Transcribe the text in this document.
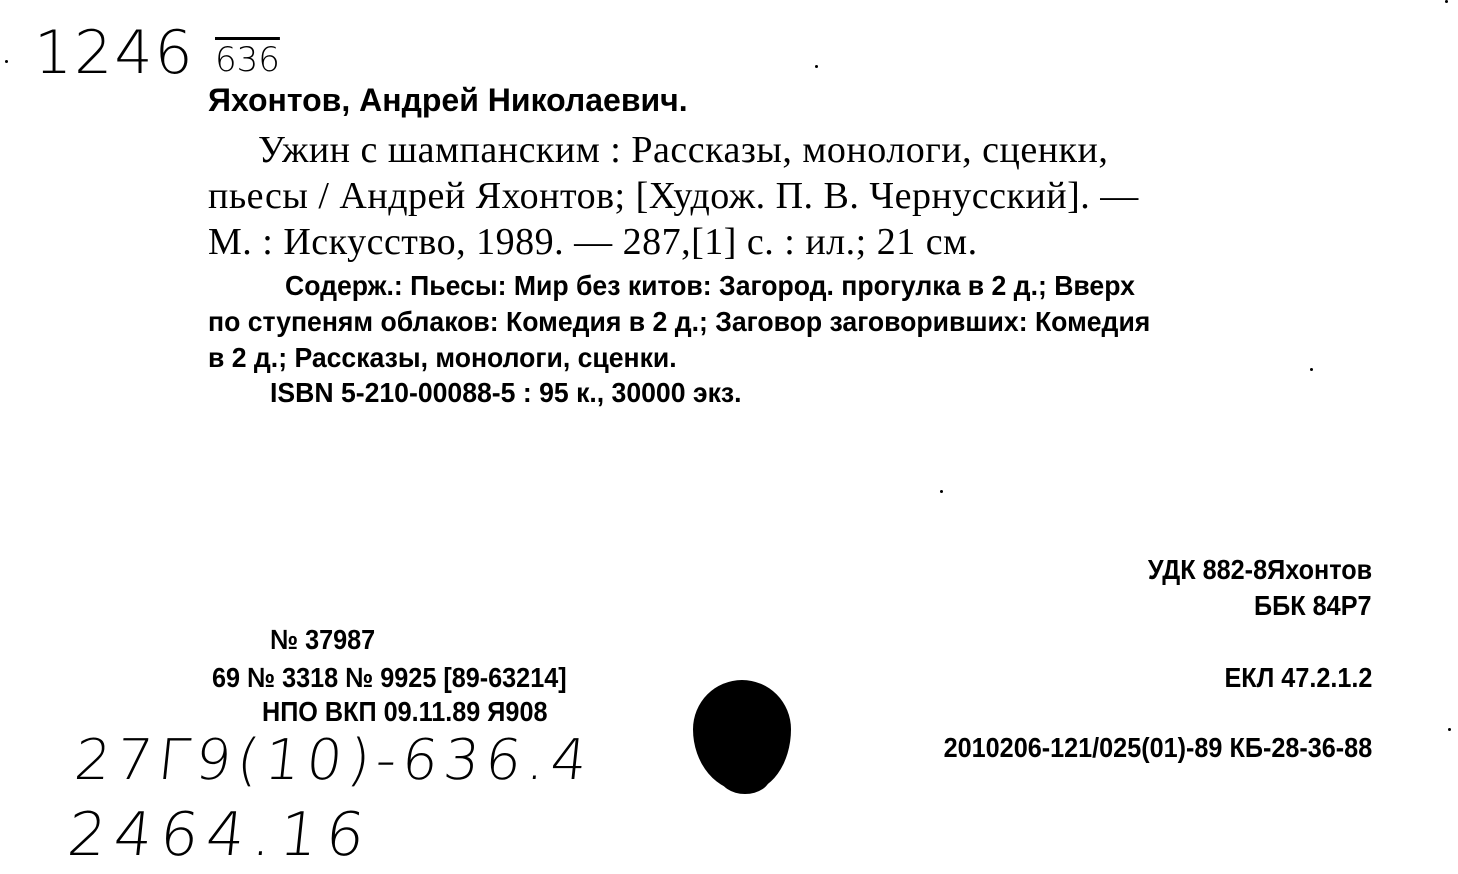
1246 636
Яхонтов, Андрей Николаевич.
Ужин с шампанским : Рассказы, монологи, сценки,
пьесы / Андрей Яхонтов; [Худож. П. В. Чернусский]. —
М. : Искусство, 1989. — 287,[1] с. : ил.; 21 см.
Содерж.: Пьесы: Мир без китов: Загород. прогулка в 2 д.; Вверх
по ступеням облаков: Комедия в 2 д.; Заговор заговоривших: Комедия
в 2 д.; Рассказы, монологи, сценки.
ISBN 5-210-00088-5 : 95 к., 30000 экз.
УДК 882-8Яхонтов
ББК 84Р7
№ 37987
69 № 3318 № 9925 [89-63214]	ЕКЛ 47.2.1.2
НПО ВКП 09.11.89 Я908
2010206-121/025(01)-89 КБ-28-36-88
27Г9(10)-636.4
2464.16
